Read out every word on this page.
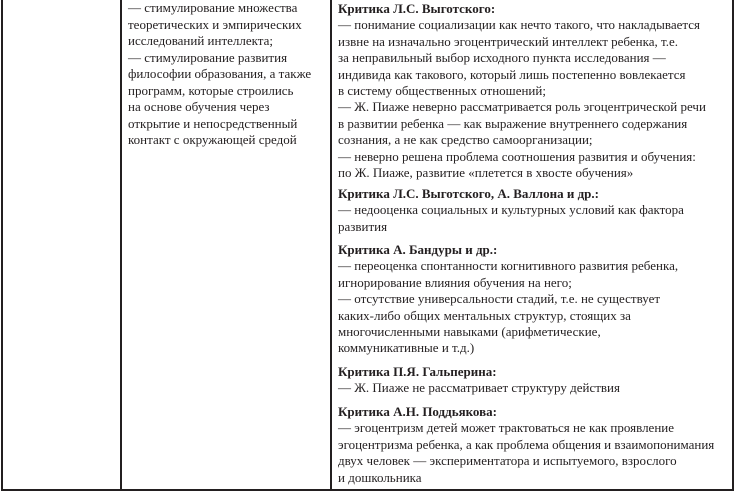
— стимулирование множества
теоретических и эмпирических
исследований интеллекта;
— стимулирование развития
философии образования, а также
программ, которые строились
на основе обучения через
открытие и непосредственный
контакт с окружающей средой
Критика Л.С. Выготского:
— понимание социализации как нечто такого, что накладывается
извне на изначально эгоцентрический интеллект ребенка, т.е.
за неправильный выбор исходного пункта исследования —
индивида как такового, который лишь постепенно вовлекается
в систему общественных отношений;
— Ж. Пиаже неверно рассматривается роль эгоцентрической речи
в развитии ребенка — как выражение внутреннего содержания
сознания, а не как средство самоорганизации;
— неверно решена проблема соотношения развития и обучения:
по Ж. Пиаже, развитие «плетется в хвосте обучения»
Критика Л.С. Выготского, А. Валлона и др.:
— недооценка социальных и культурных условий как фактора
развития
Критика А. Бандуры и др.:
— переоценка спонтанности когнитивного развития ребенка,
игнорирование влияния обучения на него;
— отсутствие универсальности стадий, т.е. не существует
каких-либо общих ментальных структур, стоящих за
многочисленными навыками (арифметические,
коммуникативные и т.д.)
Критика П.Я. Гальперина:
— Ж. Пиаже не рассматривает структуру действия
Критика А.Н. Поддьякова:
— эгоцентризм детей может трактоваться не как проявление
эгоцентризма ребенка, а как проблема общения и взаимопонимания
двух человек — экспериментатора и испытуемого, взрослого
и дошкольника
